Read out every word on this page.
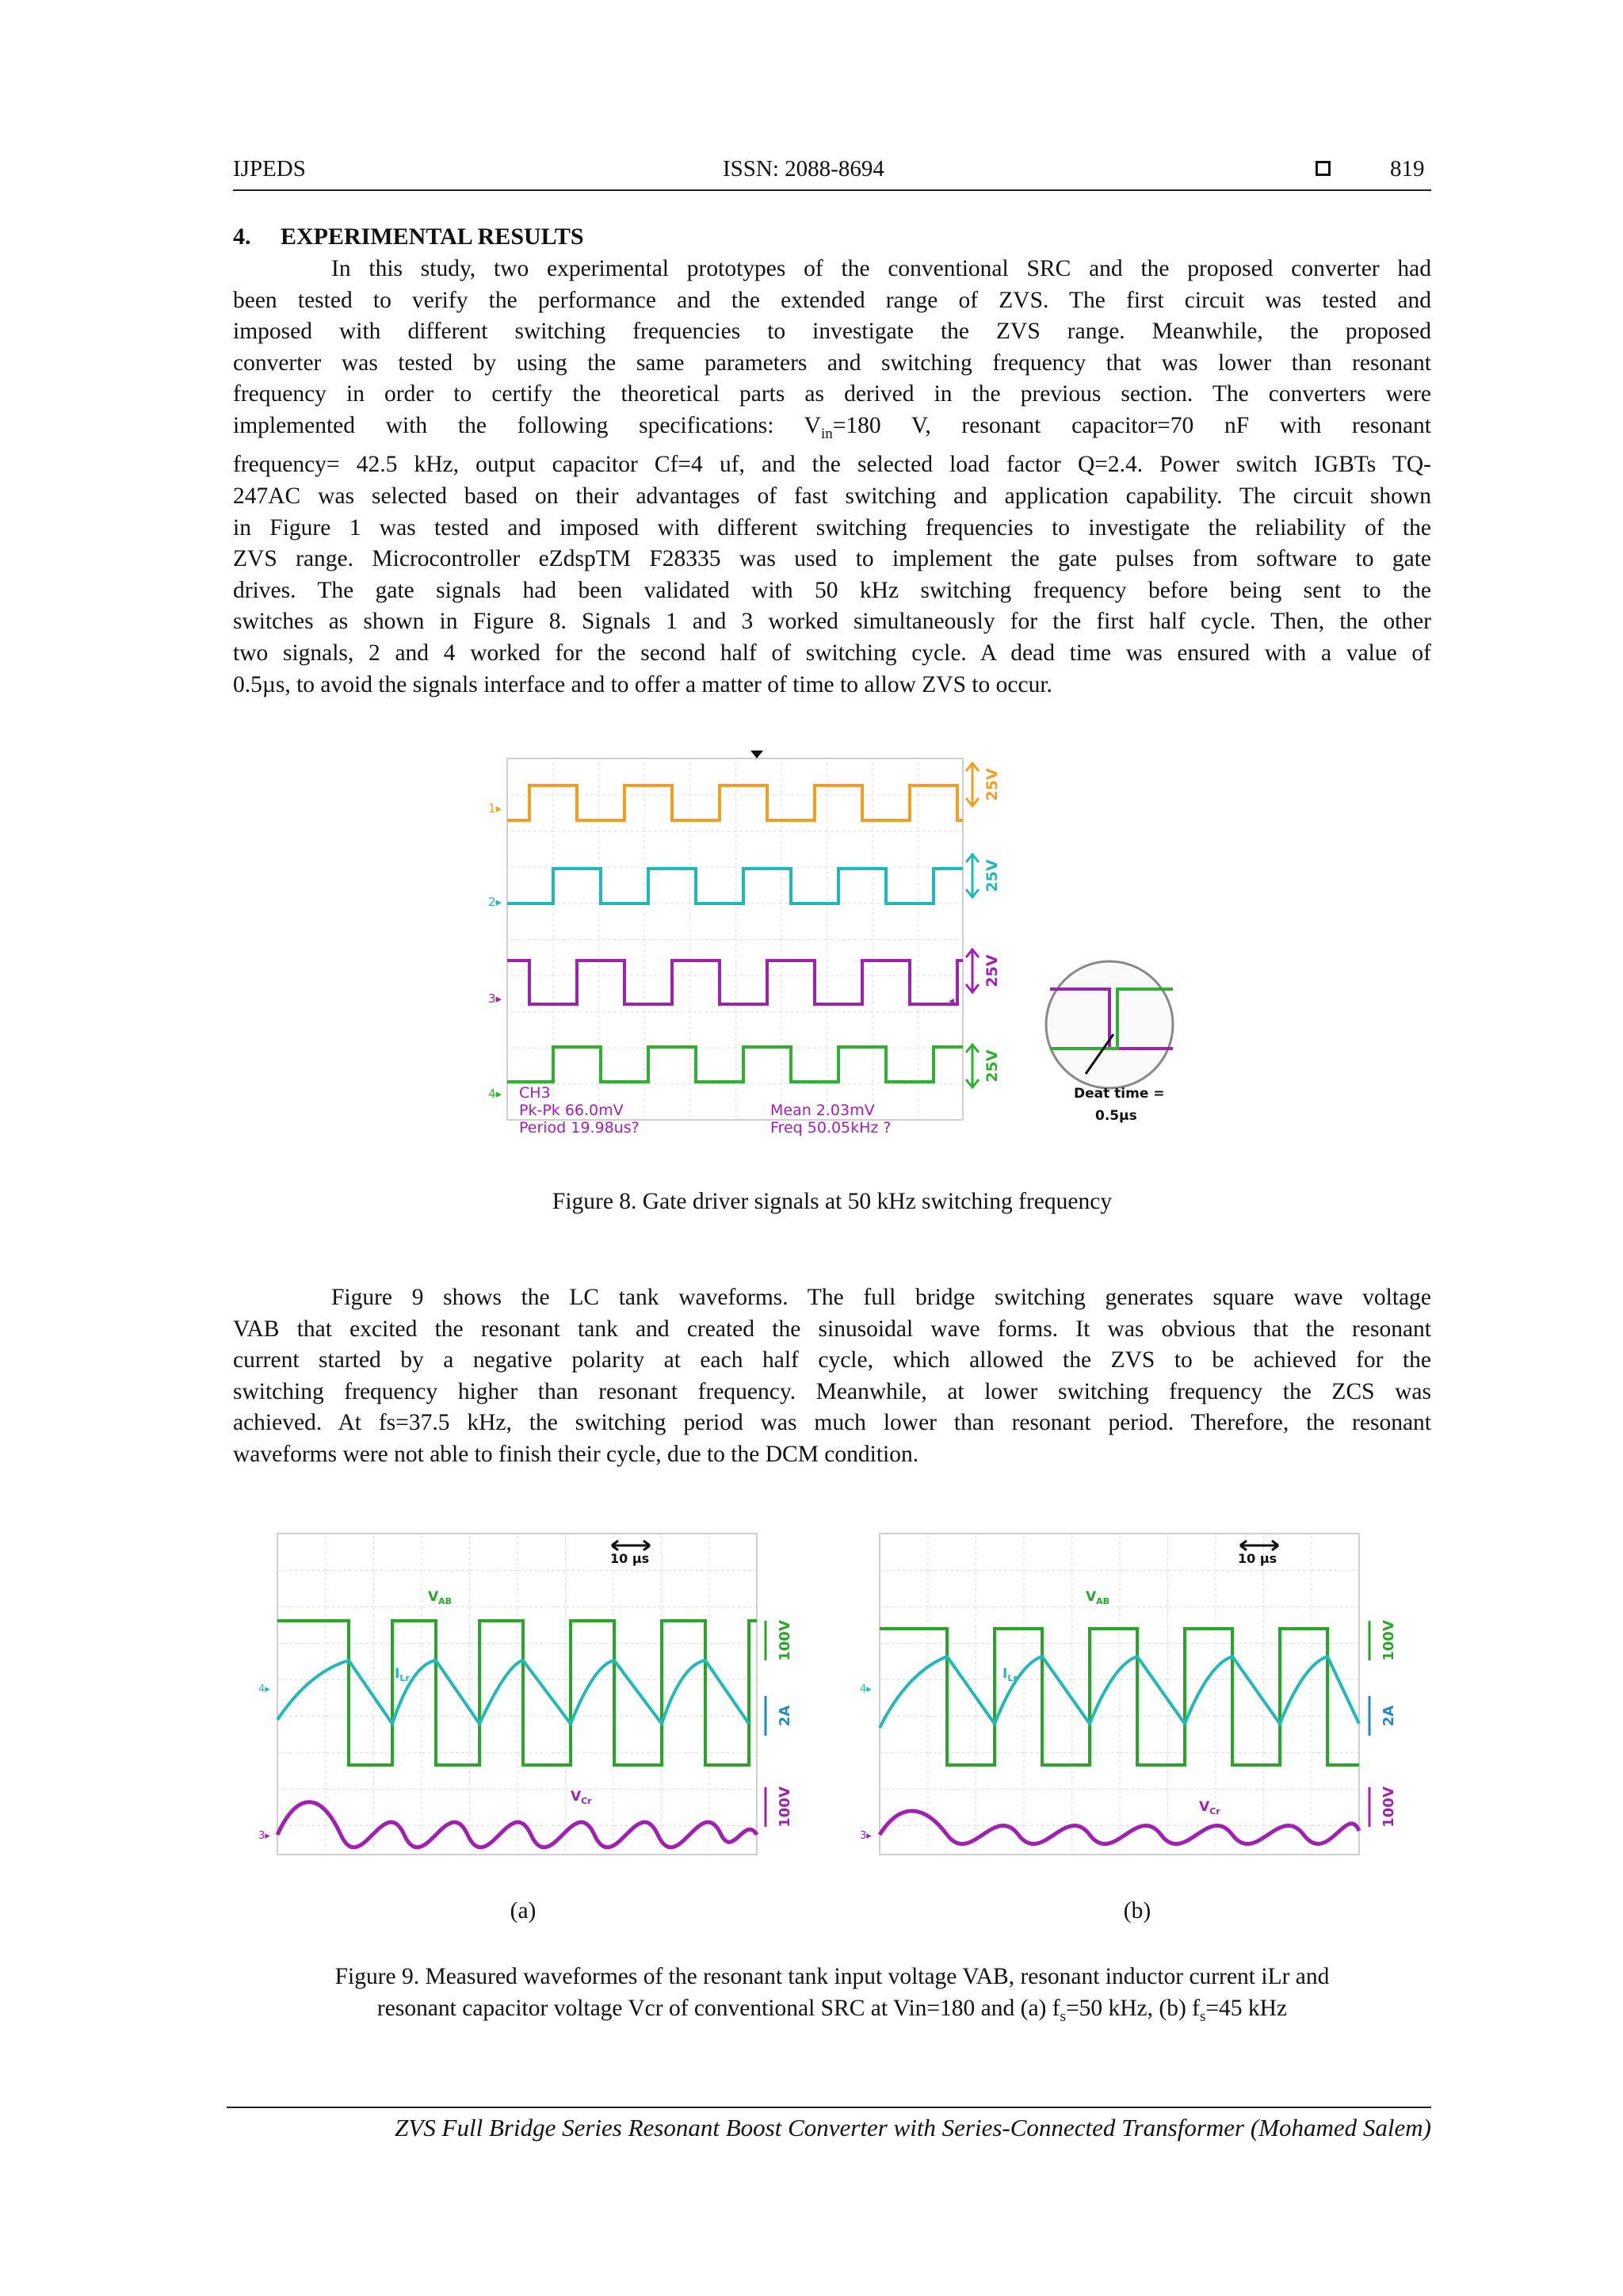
IJPEDS	ISSN: 2088-8694	819
4. EXPERIMENTAL RESULTS
In this study, two experimental prototypes of the conventional SRC and the proposed converter had
been tested to verify the performance and the extended range of ZVS. The first circuit was tested and
imposed with different switching frequencies to investigate the ZVS range. Meanwhile, the proposed
converter was tested by using the same parameters and switching frequency that was lower than resonant
frequency in order to certify the theoretical parts as derived in the previous section. The converters were
implemented with the following specifications: $V_{in}=180$ V, resonant capacitor=70 nF with resonant
frequency= 42.5 kHz, output capacitor Cf=4 uf, and the selected load factor Q=2.4. Power switch IGBTs TQ-
247AC was selected based on their advantages of fast switching and application capability. The circuit shown
in Figure 1 was tested and imposed with different switching frequencies to investigate the reliability of the
ZVS range. Microcontroller eZdspTM F28335 was used to implement the gate pulses from software to gate
drives. The gate signals had been validated with 50 kHz switching frequency before being sent to the
switches as shown in Figure 8. Signals 1 and 3 worked simultaneously for the first half cycle. Then, the other
two signals, 2 and 4 worked for the second half of switching cycle. A dead time was ensured with a value of
0.5µs, to avoid the signals interface and to offer a matter of time to allow ZVS to occur.
1▸
2▸
3▸
4▸
◂
25V
25V
25V
25V
CH3
Pk-Pk 66.0mV
Period 19.98us?
Mean 2.03mV
Freq 50.05kHz ?
Deat time =
0.5µs
Figure 8. Gate driver signals at 50 kHz switching frequency
Figure 9 shows the LC tank waveforms. The full bridge switching generates square wave voltage
VAB that excited the resonant tank and created the sinusoidal wave forms. It was obvious that the resonant
current started by a negative polarity at each half cycle, which allowed the ZVS to be achieved for the
switching frequency higher than resonant frequency. Meanwhile, at lower switching frequency the ZCS was
achieved. At fs=37.5 kHz, the switching period was much lower than resonant period. Therefore, the resonant
waveforms were not able to finish their cycle, due to the DCM condition.
10 µs
$V_{AB}$
$I_{Lr}$
$V_{Cr}$
4▸
3▸
100V
2A
100V
10 µs
$V_{AB}$
$I_{Lr}$
$V_{Cr}$
4▸
3▸
100V
2A
100V
(a)	(b)
Figure 9. Measured waveformes of the resonant tank input voltage VAB, resonant inductor current iLr and
resonant capacitor voltage Vcr of conventional SRC at Vin=180 and (a) $f_s=50$ kHz, (b) $f_s=45$ kHz
ZVS Full Bridge Series Resonant Boost Converter with Series-Connected Transformer (Mohamed Salem)
